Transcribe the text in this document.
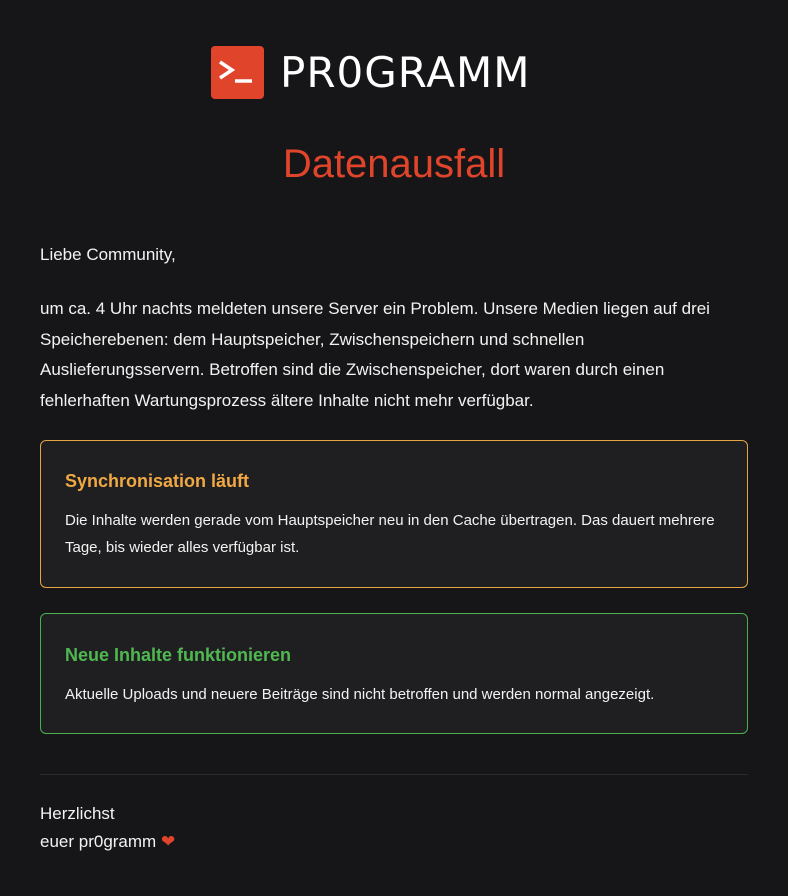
PR0GRAMM
Datenausfall
Liebe Community,
um ca. 4 Uhr nachts meldeten unsere Server ein Problem. Unsere Medien liegen auf drei Speicherebenen: dem Hauptspeicher, Zwischenspeichern und schnellen Auslieferungsservern. Betroffen sind die Zwischenspeicher, dort waren durch einen fehlerhaften Wartungsprozess ältere Inhalte nicht mehr verfügbar.
Synchronisation läuft

Die Inhalte werden gerade vom Hauptspeicher neu in den Cache übertragen. Das dauert mehrere Tage, bis wieder alles verfügbar ist.

Neue Inhalte funktionieren

Aktuelle Uploads und neuere Beiträge sind nicht betroffen und werden normal angezeigt.

Herzlichst
euer pr0gramm ❤
